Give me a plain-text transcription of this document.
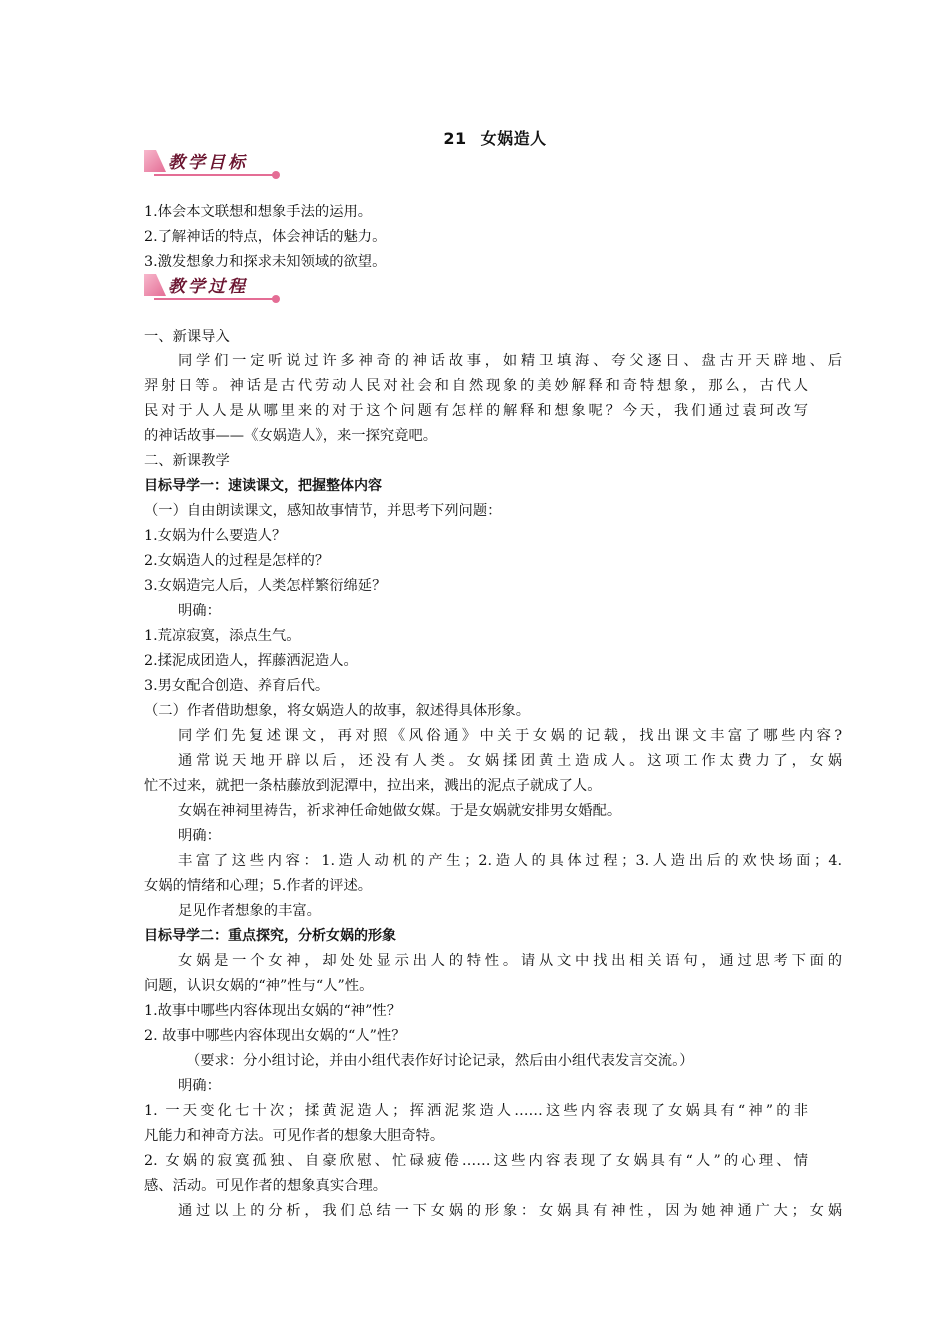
21 女娲造人
教学目标
教学过程
1.体会本文联想和想象手法的运用。
2.了解神话的特点，体会神话的魅力。
3.激发想象力和探求未知领域的欲望。
一、新课导入
同学们一定听说过许多神奇的神话故事，如精卫填海、夸父逐日、盘古开天辟地、后
羿射日等。神话是古代劳动人民对社会和自然现象的美妙解释和奇特想象，那么，古代人
民对于人人是从哪里来的对于这个问题有怎样的解释和想象呢？今天，我们通过袁珂改写
的神话故事——《女娲造人》，来一探究竟吧。
二、新课教学
目标导学一：速读课文，把握整体内容
（一）自由朗读课文，感知故事情节，并思考下列问题：
1.女娲为什么要造人？
2.女娲造人的过程是怎样的？
3.女娲造完人后，人类怎样繁衍绵延？
明确：
1.荒凉寂寞，添点生气。
2.揉泥成团造人，挥藤洒泥造人。
3.男女配合创造、养育后代。
（二）作者借助想象，将女娲造人的故事，叙述得具体形象。
同学们先复述课文，再对照《风俗通》中关于女娲的记载，找出课文丰富了哪些内容?
通常说天地开辟以后，还没有人类。女娲揉团黄土造成人。这项工作太费力了，女娲
忙不过来，就把一条枯藤放到泥潭中，拉出来，溅出的泥点子就成了人。
女娲在神祠里祷告，祈求神任命她做女媒。于是女娲就安排男女婚配。
明确：
丰富了这些内容：1.造人动机的产生；2.造人的具体过程；3.人造出后的欢快场面；4.
女娲的情绪和心理；5.作者的评述。
足见作者想象的丰富。
目标导学二：重点探究，分析女娲的形象
女娲是一个女神，却处处显示出人的特性。请从文中找出相关语句，通过思考下面的
问题，认识女娲的“神”性与“人”性。
1.故事中哪些内容体现出女娲的“神”性？
2. 故事中哪些内容体现出女娲的“人”性？
（要求：分小组讨论，并由小组代表作好讨论记录，然后由小组代表发言交流。）
明确：
1. 一天变化七十次；揉黄泥造人；挥洒泥浆造人……这些内容表现了女娲具有“神”的非
凡能力和神奇方法。可见作者的想象大胆奇特。
2. 女娲的寂寞孤独、自豪欣慰、忙碌疲倦……这些内容表现了女娲具有“人”的心理、情
感、活动。可见作者的想象真实合理。
通过以上的分析，我们总结一下女娲的形象：女娲具有神性，因为她神通广大；女娲
